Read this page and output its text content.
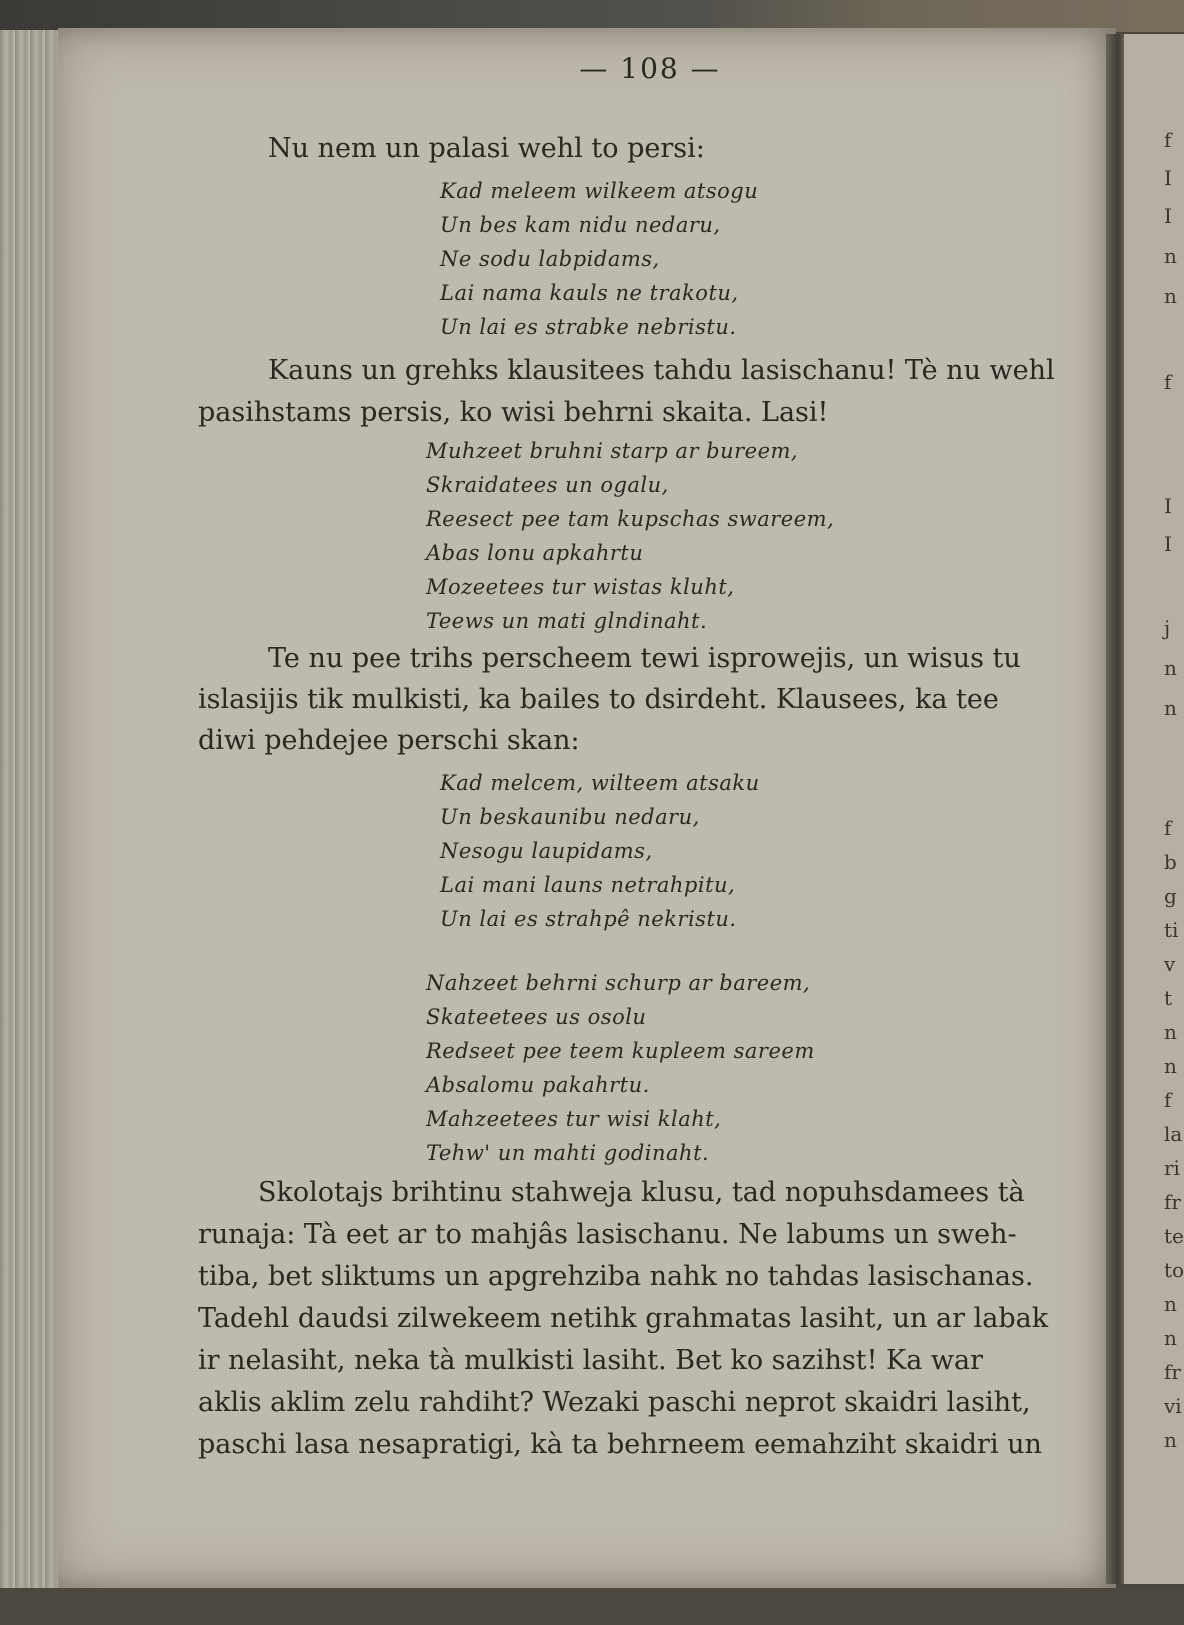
— 108 —
Nu nem un palasi wehl to persi:
Kad meleem wilkeem atsogu
Un bes kam nidu nedaru,
Ne sodu labpidams,
Lai nama kauls ne trakotu,
Un lai es strabke nebristu.
Kauns un grehks klausitees tahdu lasischanu! Tè nu wehl
pasihstams persis, ko wisi behrni skaita. Lasi!
Muhzeet bruhni starp ar bureem,
Skraidatees un ogalu,
Reesect pee tam kupschas swareem,
Abas lonu apkahrtu
Mozeetees tur wistas kluht,
Teews un mati glndinaht.
Te nu pee trihs perscheem tewi isprowejis, un wisus tu
islasijis tik mulkisti, ka bailes to dsirdeht. Klausees, ka tee
diwi pehdejee perschi skan:
Kad melcem, wilteem atsaku
Un beskaunibu nedaru,
Nesogu laupidams,
Lai mani launs netrahpitu,
Un lai es strahpê nekristu.
Nahzeet behrni schurp ar bareem,
Skateetees us osolu
Redseet pee teem kupleem sareem
Absalomu pakahrtu.
Mahzeetees tur wisi klaht,
Tehw' un mahti godinaht.
Skolotajs brihtinu stahweja klusu, tad nopuhsdamees tà
runaja: Tà eet ar to mahjâs lasischanu. Ne labums un sweh-
tiba, bet sliktums un apgrehziba nahk no tahdas lasischanas.
Tadehl daudsi zilwekeem netihk grahmatas lasiht, un ar labak
ir nelasiht, neka tà mulkisti lasiht. Bet ko sazihst! Ka war
aklis aklim zelu rahdiht? Wezaki paschi neprot skaidri lasiht,
paschi lasa nesapratigi, kà ta behrneem eemahziht skaidri un
f
I
I
n
n
f
I
I
j
n
n
f
b
g
ti
v
t
n
n
f
la
ri
fr
te
to
n
n
fr
vi
n
